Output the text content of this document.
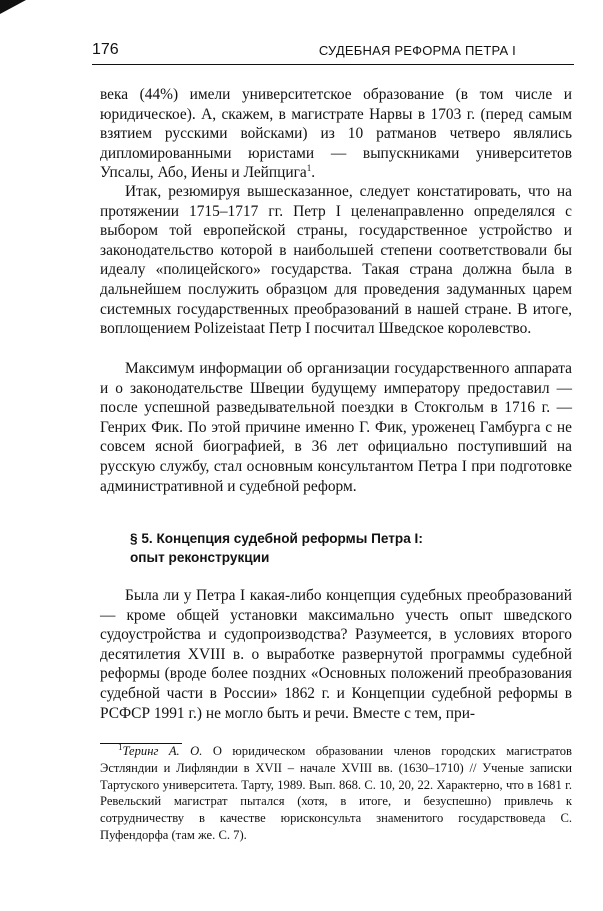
176	СУДЕБНАЯ РЕФОРМА ПЕТРА I

века (44%) имели университетское образование (в том числе и юридическое). А, скажем, в магистрате Нарвы в 1703 г. (перед самым взятием русскими войсками) из 10 ратманов четверо являлись дипломированными юристами — выпускниками университетов Упсалы, Або, Иены и Лейпцига$^1$.

Итак, резюмируя вышесказанное, следует констатировать, что на протяжении 1715–1717 гг. Петр I целенаправленно определялся с выбором той европейской страны, государственное устройство и законодательство которой в наибольшей степени соответствовали бы идеалу «полицейского» государства. Такая страна должна была в дальнейшем послужить образцом для проведения задуманных царем системных государственных преобразований в нашей стране. В итоге, воплощением Polizeistaat Петр I посчитал Шведское королевство.

Максимум информации об организации государственного аппарата и о законодательстве Швеции будущему императору предоставил — после успешной разведывательной поездки в Стокгольм в 1716 г. — Генрих Фик. По этой причине именно Г. Фик, уроженец Гамбурга с не совсем ясной биографией, в 36 лет официально поступивший на русскую службу, стал основным консультантом Петра I при подготовке административной и судебной реформ.

§ 5. Концепция судебной реформы Петра I:
опыт реконструкции

Была ли у Петра I какая-либо концепция судебных преобразований — кроме общей установки максимально учесть опыт шведского судоустройства и судопроизводства? Разумеется, в условиях второго десятилетия XVIII в. о выработке развернутой программы судебной реформы (вроде более поздних «Основных положений преобразования судебной части в России» 1862 г. и Концепции судебной реформы в РСФСР 1991 г.) не могло быть и речи. Вместе с тем, при-

$^1$Теринг А. О. О юридическом образовании членов городских магистратов Эстляндии и Лифляндии в XVII – начале XVIII вв. (1630–1710) // Ученые записки Тартуского университета. Тарту, 1989. Вып. 868. С. 10, 20, 22. Характерно, что в 1681 г. Ревельский магистрат пытался (хотя, в итоге, и безуспешно) привлечь к сотрудничеству в качестве юрисконсульта знаменитого государствоведа С. Пуфендорфа (там же. С. 7).
